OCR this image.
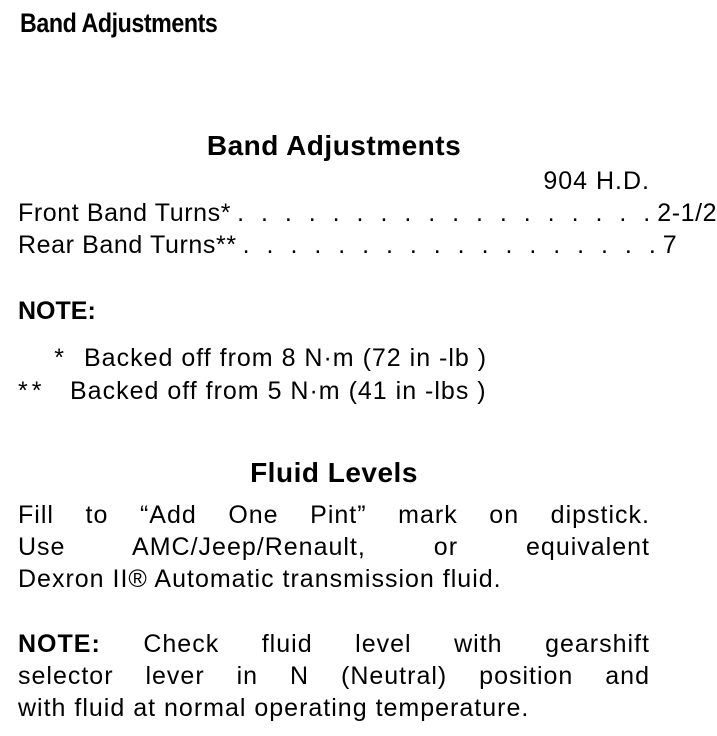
Band Adjustments
Band Adjustments
904 H.D.
Front Band Turns* . . . . . . . . . . . . . . . . . . 2-1/2
Rear Band Turns** . . . . . . . . . . . . . . . . . . 7
NOTE:
* Backed off from 8 N·m (72 in -lb )
** Backed off from 5 N·m (41 in -lbs )
Fluid Levels
Fill to “Add One Pint” mark on dipstick.
Use AMC/Jeep/Renault, or equivalent
Dexron II® Automatic transmission fluid.
NOTE: Check fluid level with gearshift
selector lever in N (Neutral) position and
with fluid at normal operating temperature.
